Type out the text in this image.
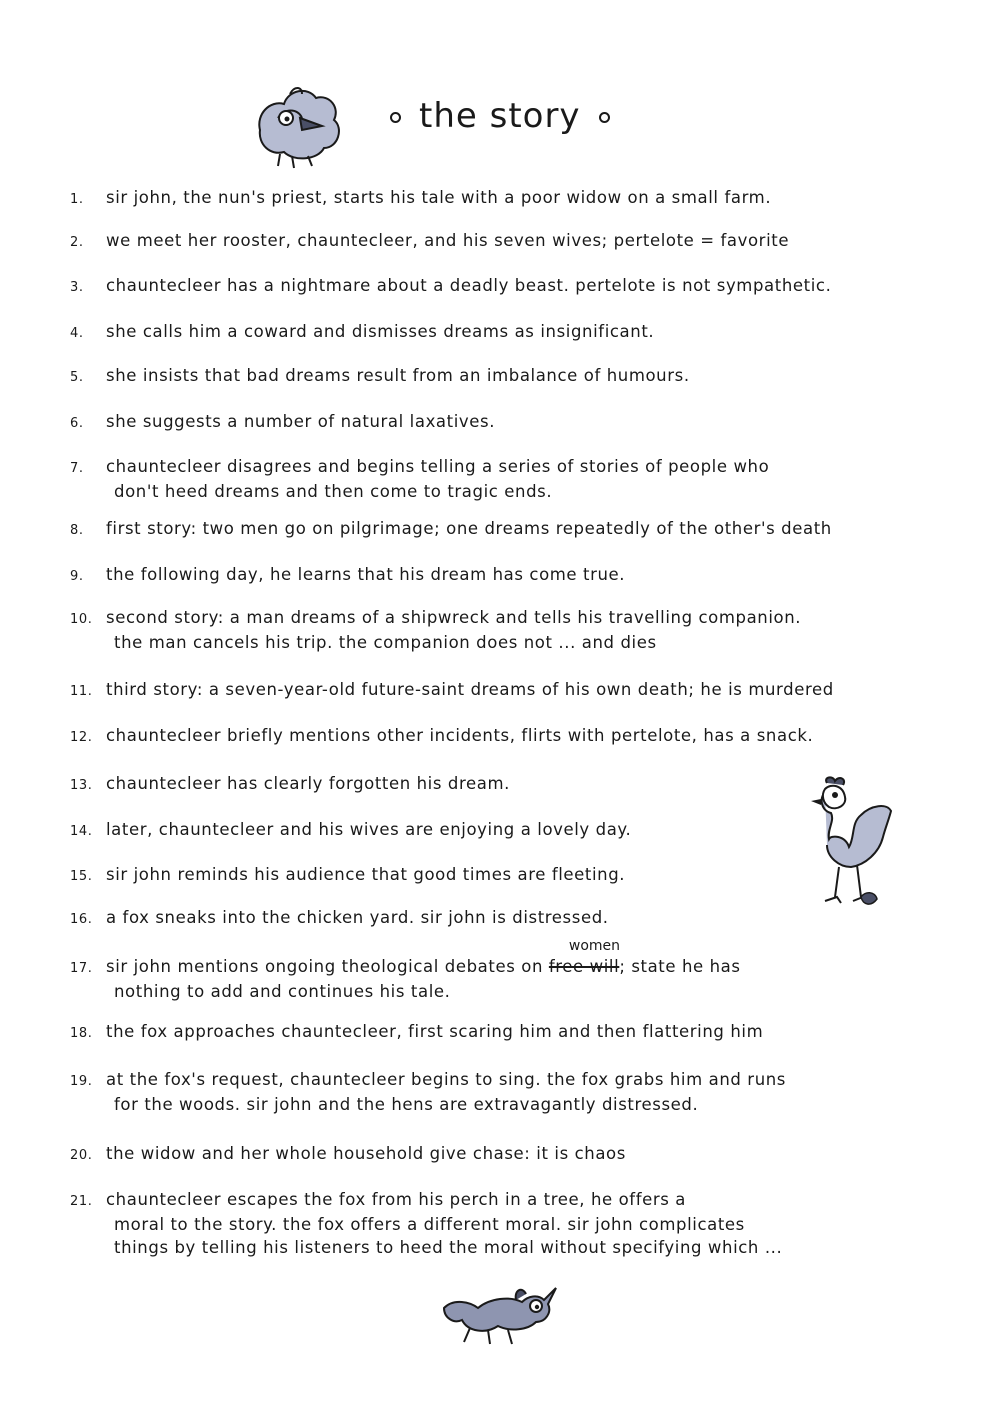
the story
1. sir john, the nun's priest, starts his tale with a poor widow on a small farm.
2. we meet her rooster, chauntecleer, and his seven wives; pertelote = favorite
3. chauntecleer has a nightmare about a deadly beast. pertelote is not sympathetic.
4. she calls him a coward and dismisses dreams as insignificant.
5. she insists that bad dreams result from an imbalance of humours.
6. she suggests a number of natural laxatives.
7. chauntecleer disagrees and begins telling a series of stories of people who
don't heed dreams and then come to tragic ends.
8. first story: two men go on pilgrimage; one dreams repeatedly of the other's death
9. the following day, he learns that his dream has come true.
10. second story: a man dreams of a shipwreck and tells his travelling companion.
the man cancels his trip. the companion does not ... and dies
11. third story: a seven-year-old future-saint dreams of his own death; he is murdered
12. chauntecleer briefly mentions other incidents, flirts with pertelote, has a snack.
13. chauntecleer has clearly forgotten his dream.
14. later, chauntecleer and his wives are enjoying a lovely day.
15. sir john reminds his audience that good times are fleeting.
16. a fox sneaks into the chicken yard. sir john is distressed.
17. sir john mentions ongoing theological debates on
women
free will; state he has
nothing to add and continues his tale.
18. the fox approaches chauntecleer, first scaring him and then flattering him
19. at the fox's request, chauntecleer begins to sing. the fox grabs him and runs
for the woods. sir john and the hens are extravagantly distressed.
20. the widow and her whole household give chase: it is chaos
21. chauntecleer escapes the fox from his perch in a tree, he offers a
moral to the story. the fox offers a different moral. sir john complicates
things by telling his listeners to heed the moral without specifying which ...
